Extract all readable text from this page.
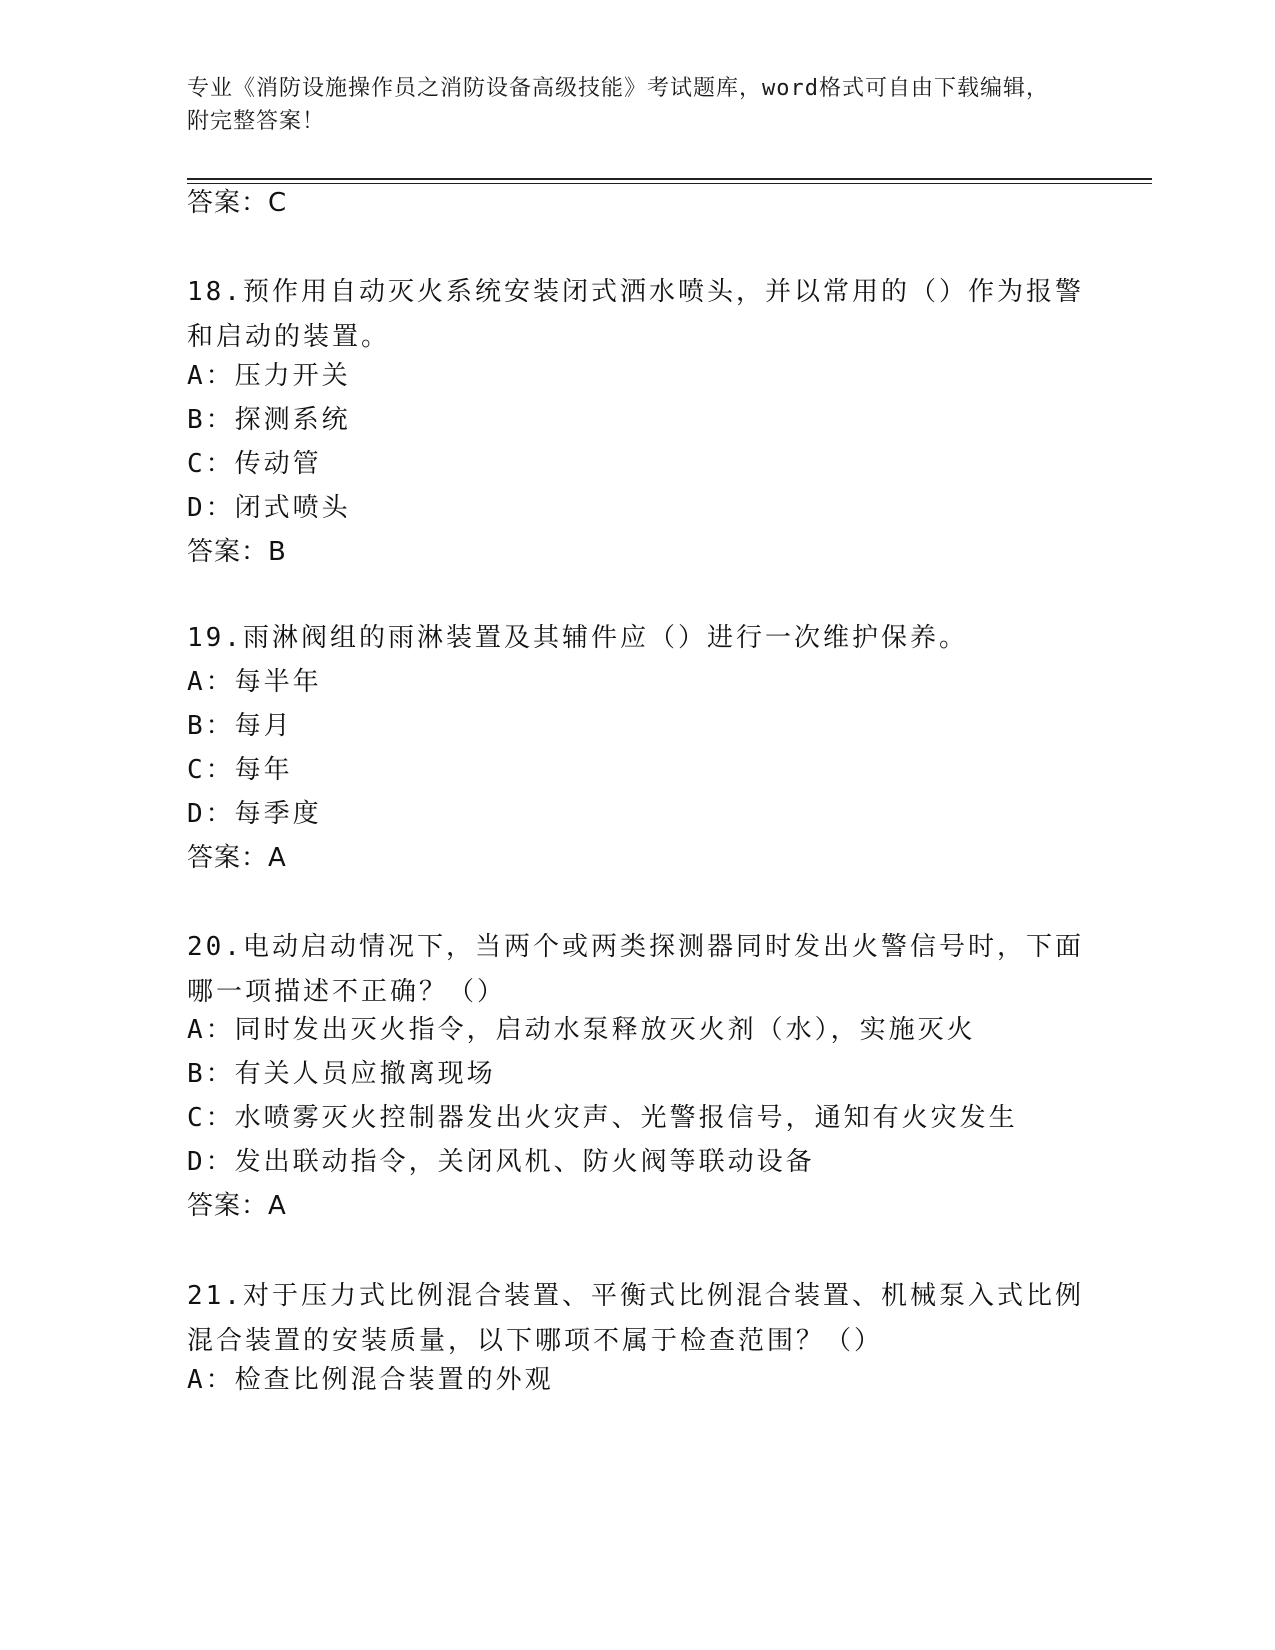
专业《消防设施操作员之消防设备高级技能》考试题库，word格式可自由下载编辑，附完整答案！
答案：C
18.预作用自动灭火系统安装闭式洒水喷头，并以常用的（）作为报警和启动的装置。
A：压力开关
B：探测系统
C：传动管
D：闭式喷头
答案：B
19.雨淋阀组的雨淋装置及其辅件应（）进行一次维护保养。
A：每半年
B：每月
C：每年
D：每季度
答案：A
20.电动启动情况下，当两个或两类探测器同时发出火警信号时，下面哪一项描述不正确？（）
A：同时发出灭火指令，启动水泵释放灭火剂（水），实施灭火
B：有关人员应撤离现场
C：水喷雾灭火控制器发出火灾声、光警报信号，通知有火灾发生
D：发出联动指令，关闭风机、防火阀等联动设备
答案：A
21.对于压力式比例混合装置、平衡式比例混合装置、机械泵入式比例混合装置的安装质量，以下哪项不属于检查范围？（）
A：检查比例混合装置的外观
